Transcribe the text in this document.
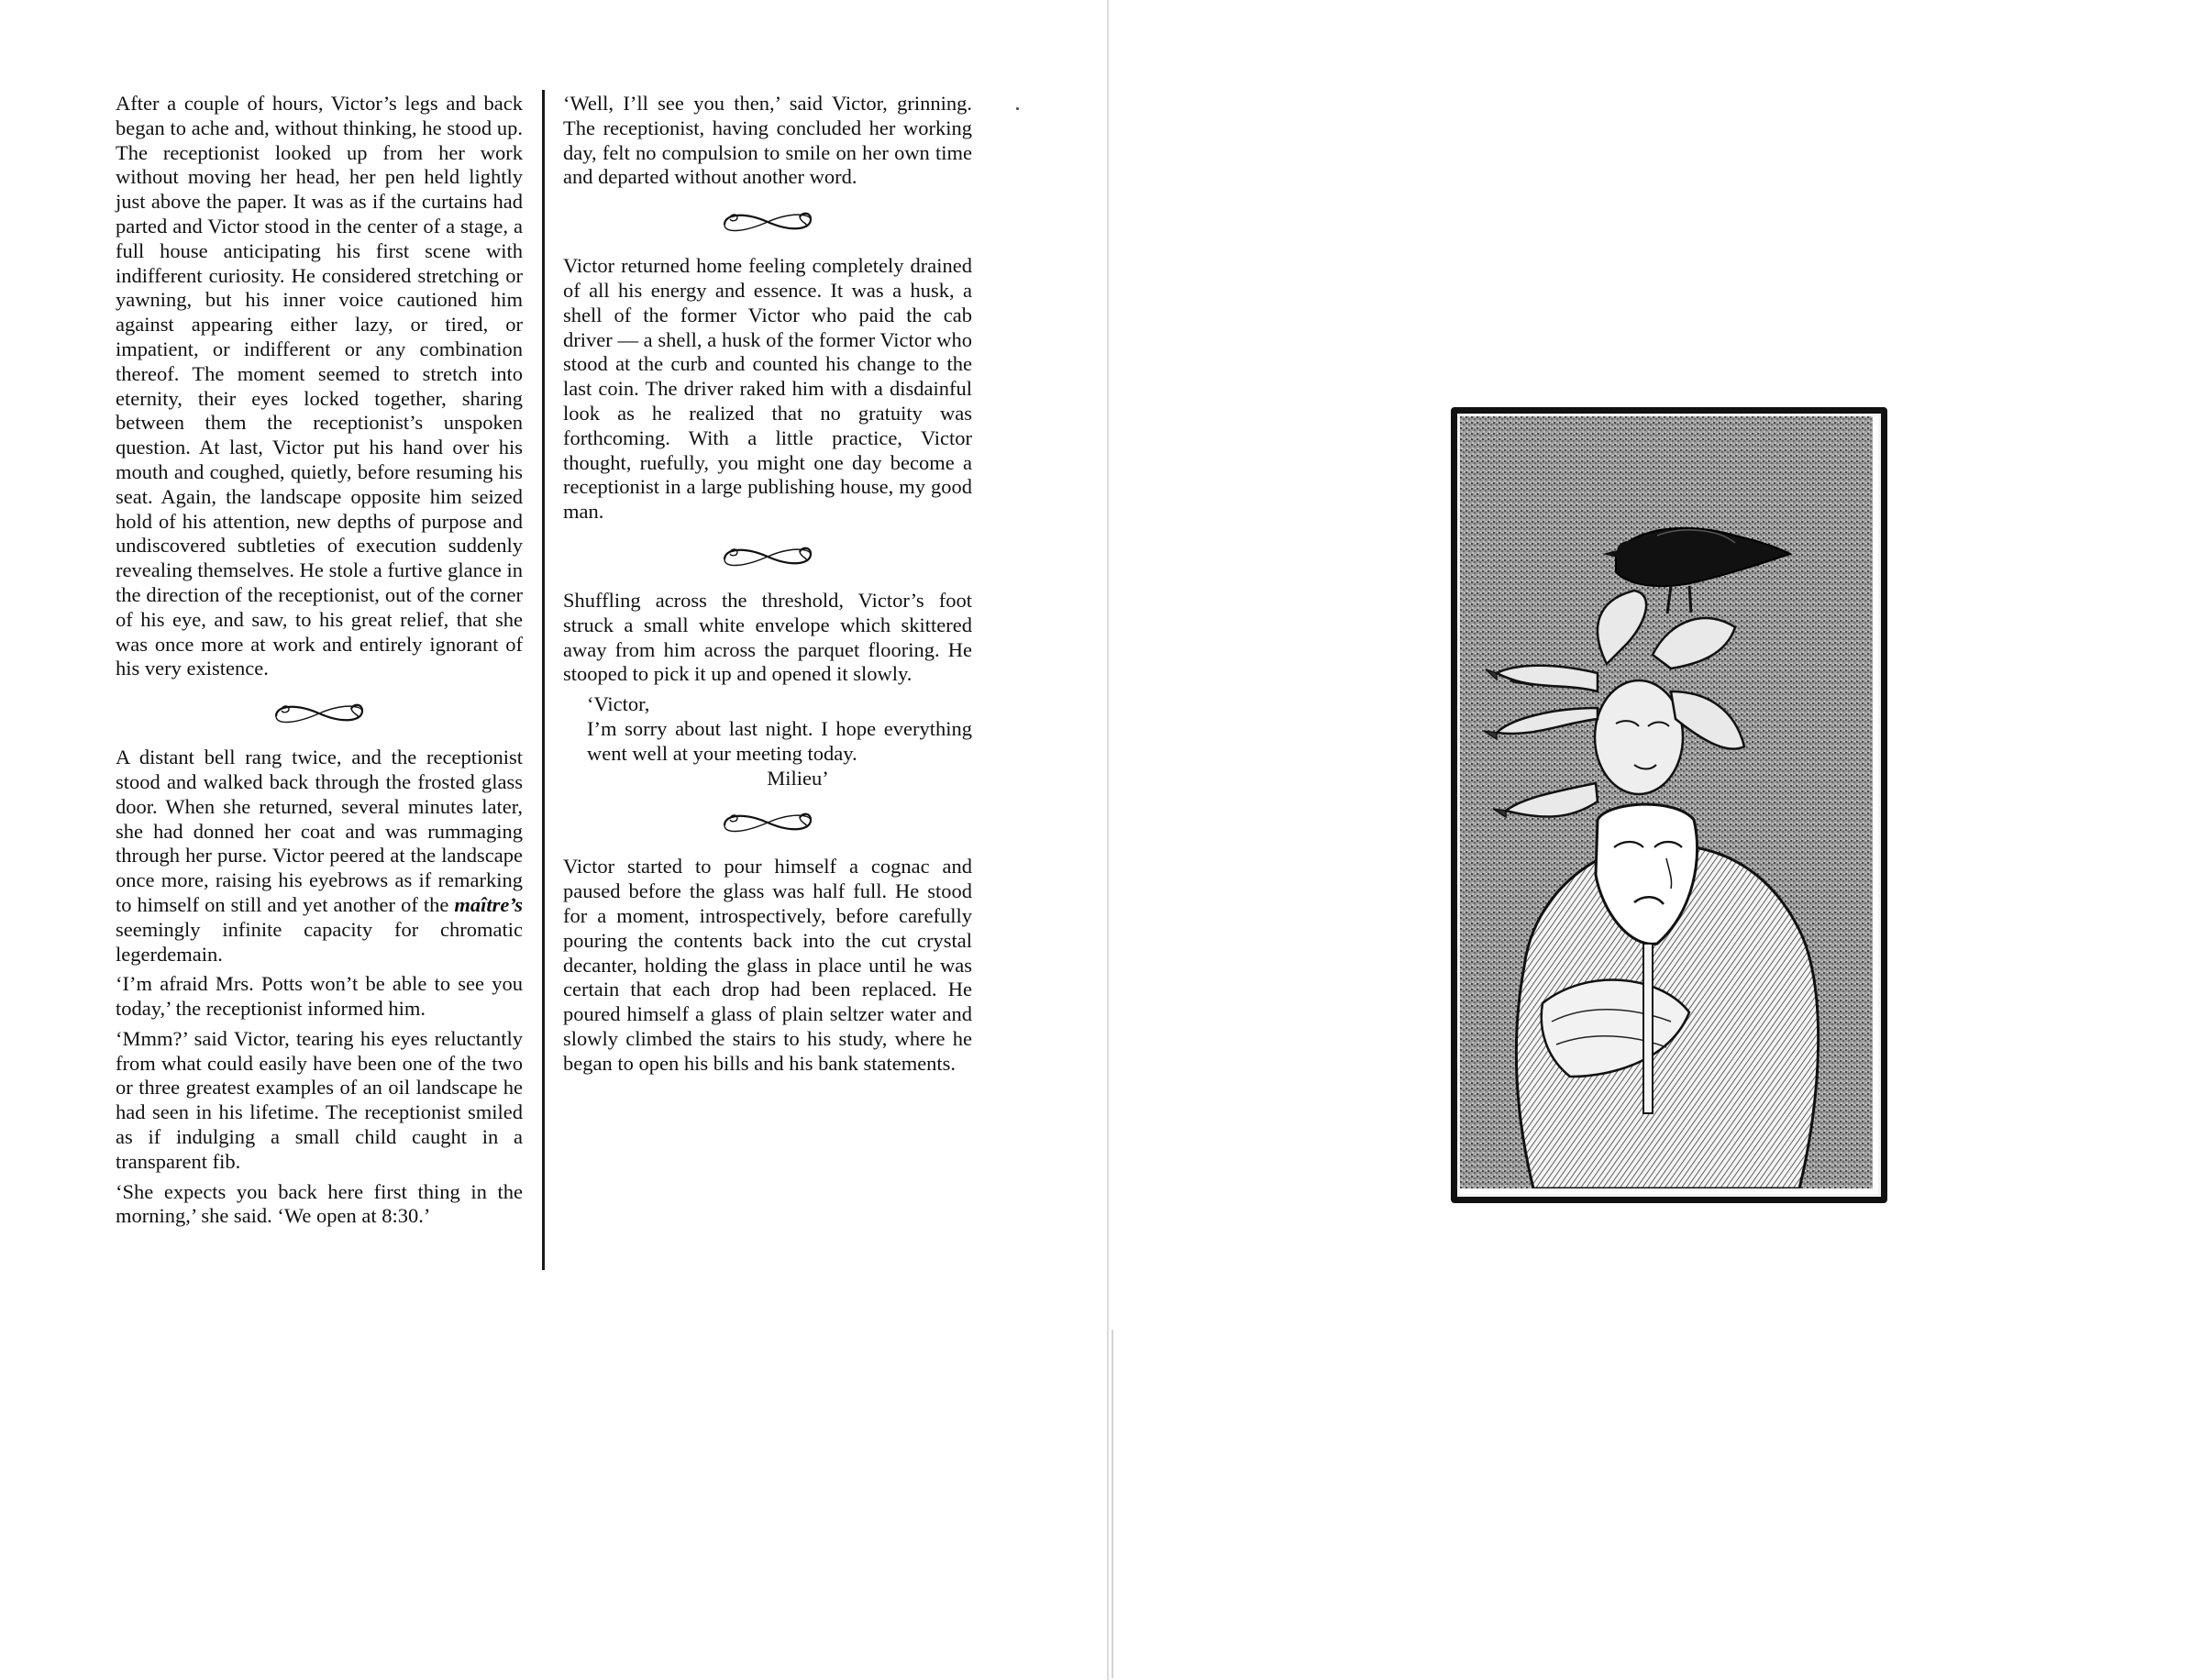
After a couple of hours, Victor’s legs and back began to ache and, without thinking, he stood up. The receptionist looked up from her work without moving her head, her pen held lightly just above the paper. It was as if the curtains had parted and Victor stood in the center of a stage, a full house anticipating his first scene with indifferent curiosity. He considered stretching or yawning, but his inner voice cautioned him against appearing either lazy, or tired, or impatient, or indifferent or any combination thereof. The moment seemed to stretch into eternity, their eyes locked together, sharing between them the receptionist’s unspoken question. At last, Victor put his hand over his mouth and coughed, quietly, before resuming his seat. Again, the landscape opposite him seized hold of his attention, new depths of purpose and undiscovered subtleties of execution suddenly revealing themselves. He stole a furtive glance in the direction of the receptionist, out of the corner of his eye, and saw, to his great relief, that she was once more at work and entirely ignorant of his very existence.

A distant bell rang twice, and the receptionist stood and walked back through the frosted glass door. When she returned, several minutes later, she had donned her coat and was rummaging through her purse. Victor peered at the landscape once more, raising his eyebrows as if remarking to himself on still and yet another of the maître’s seemingly infinite capacity for chromatic legerdemain.

‘I’m afraid Mrs. Potts won’t be able to see you today,’ the receptionist informed him.

‘Mmm?’ said Victor, tearing his eyes reluctantly from what could easily have been one of the two or three greatest examples of an oil landscape he had seen in his lifetime. The receptionist smiled as if indulging a small child caught in a transparent fib.

‘She expects you back here first thing in the morning,’ she said. ‘We open at 8:30.’

‘Well, I’ll see you then,’ said Victor, grinning. The receptionist, having concluded her working day, felt no compulsion to smile on her own time and departed without another word.

Victor returned home feeling completely drained of all his energy and essence. It was a husk, a shell of the former Victor who paid the cab driver — a shell, a husk of the former Victor who stood at the curb and counted his change to the last coin. The driver raked him with a disdainful look as he realized that no gratuity was forthcoming. With a little practice, Victor thought, ruefully, you might one day become a receptionist in a large publishing house, my good man.

Shuffling across the threshold, Victor’s foot struck a small white envelope which skittered away from him across the parquet flooring. He stooped to pick it up and opened it slowly.

‘Victor,
I’m sorry about last night. I hope everything went well at your meeting today.
Milieu’

Victor started to pour himself a cognac and paused before the glass was half full. He stood for a moment, introspectively, before carefully pouring the contents back into the cut crystal decanter, holding the glass in place until he was certain that each drop had been replaced. He poured himself a glass of plain seltzer water and slowly climbed the stairs to his study, where he began to open his bills and his bank statements.
